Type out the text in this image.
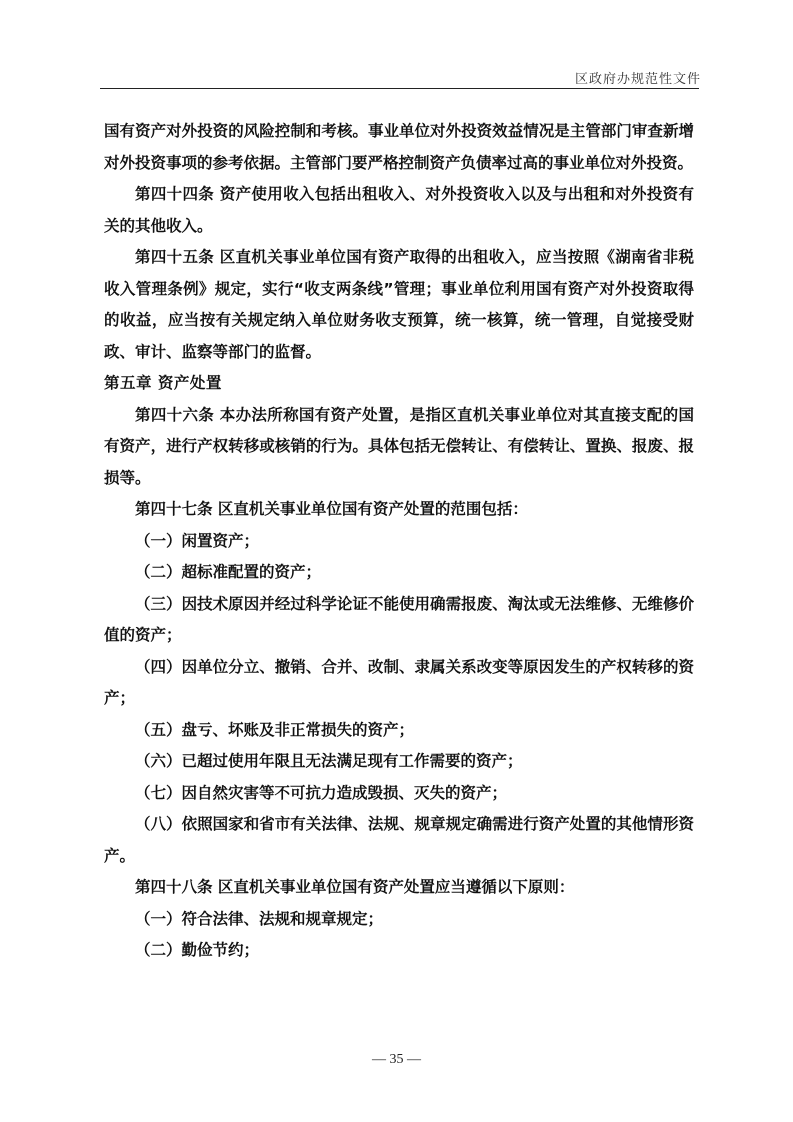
区政府办规范性文件

国有资产对外投资的风险控制和考核。事业单位对外投资效益情况是主管部门审查新增对外投资事项的参考依据。主管部门要严格控制资产负债率过高的事业单位对外投资。

第四十四条 资产使用收入包括出租收入、对外投资收入以及与出租和对外投资有关的其他收入。

第四十五条 区直机关事业单位国有资产取得的出租收入，应当按照《湖南省非税收入管理条例》规定，实行“收支两条线”管理；事业单位利用国有资产对外投资取得的收益，应当按有关规定纳入单位财务收支预算，统一核算，统一管理，自觉接受财政、审计、监察等部门的监督。

第五章 资产处置

第四十六条 本办法所称国有资产处置，是指区直机关事业单位对其直接支配的国有资产，进行产权转移或核销的行为。具体包括无偿转让、有偿转让、置换、报废、报损等。

第四十七条 区直机关事业单位国有资产处置的范围包括：

（一）闲置资产；

（二）超标准配置的资产；

（三）因技术原因并经过科学论证不能使用确需报废、淘汰或无法维修、无维修价值的资产；

（四）因单位分立、撤销、合并、改制、隶属关系改变等原因发生的产权转移的资产；

（五）盘亏、坏账及非正常损失的资产；

（六）已超过使用年限且无法满足现有工作需要的资产；

（七）因自然灾害等不可抗力造成毁损、灭失的资产；

（八）依照国家和省市有关法律、法规、规章规定确需进行资产处置的其他情形资产。

第四十八条 区直机关事业单位国有资产处置应当遵循以下原则：

（一）符合法律、法规和规章规定；

（二）勤俭节约；

— 35 —
